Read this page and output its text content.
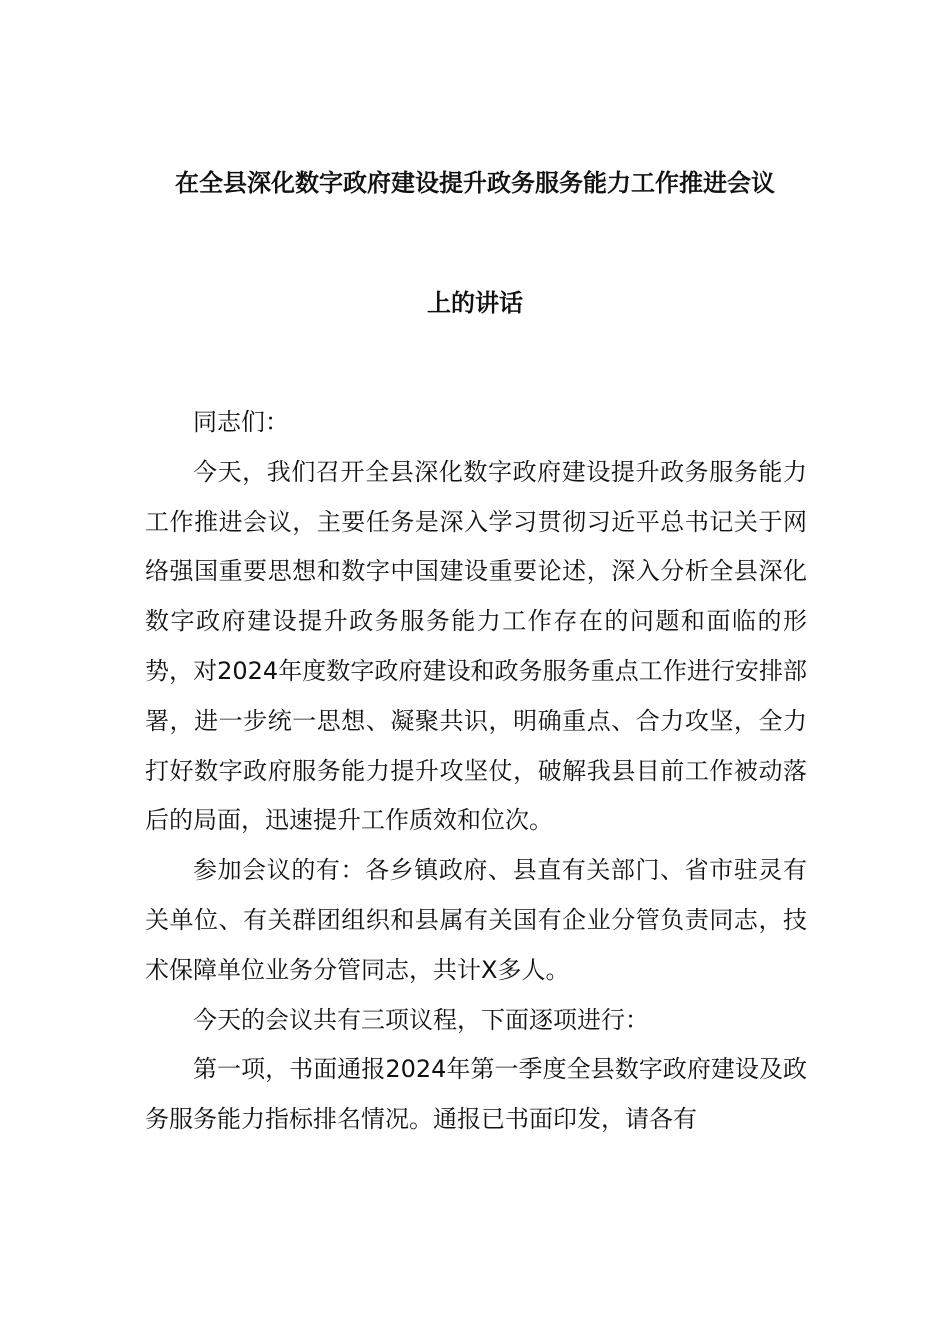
在全县深化数字政府建设提升政务服务能力工作推进会议
上的讲话

同志们：

今天，我们召开全县深化数字政府建设提升政务服务能力工作推进会议，主要任务是深入学习贯彻习近平总书记关于网络强国重要思想和数字中国建设重要论述，深入分析全县深化数字政府建设提升政务服务能力工作存在的问题和面临的形势，对2024年度数字政府建设和政务服务重点工作进行安排部署，进一步统一思想、凝聚共识，明确重点、合力攻坚，全力打好数字政府服务能力提升攻坚仗，破解我县目前工作被动落后的局面，迅速提升工作质效和位次。

参加会议的有：各乡镇政府、县直有关部门、省市驻灵有关单位、有关群团组织和县属有关国有企业分管负责同志，技术保障单位业务分管同志，共计X多人。

今天的会议共有三项议程，下面逐项进行：

第一项，书面通报2024年第一季度全县数字政府建设及政务服务能力指标排名情况。通报已书面印发，请各有
